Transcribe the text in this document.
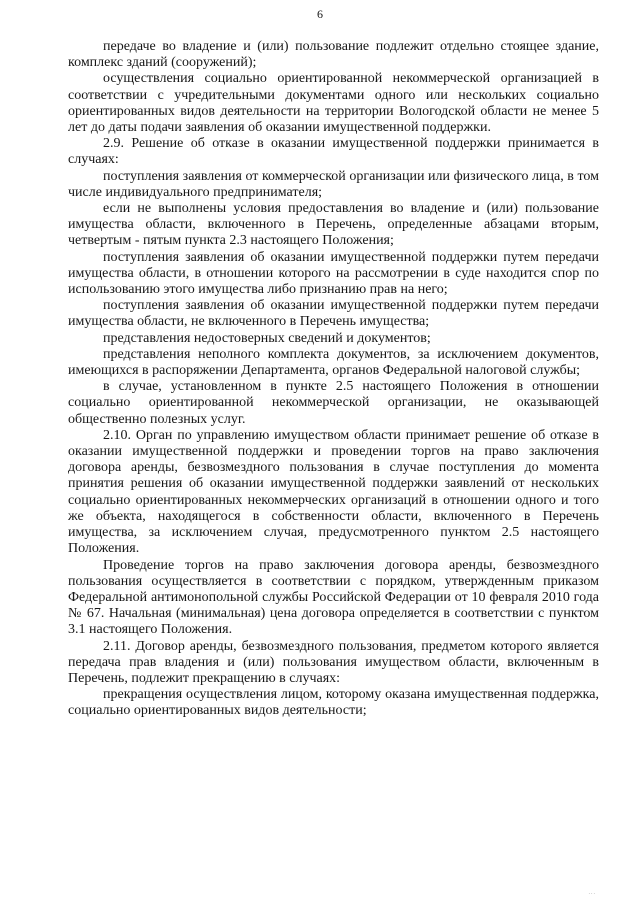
6

передаче во владение и (или) пользование подлежит отдельно стоящее здание, комплекс зданий (сооружений);

осуществления социально ориентированной некоммерческой организацией в соответствии с учредительными документами одного или нескольких социально ориентированных видов деятельности на территории Вологодской области не менее 5 лет до даты подачи заявления об оказании имущественной поддержки.

2.9. Решение об отказе в оказании имущественной поддержки принимается в случаях:

поступления заявления от коммерческой организации или физического лица, в том числе индивидуального предпринимателя;

если не выполнены условия предоставления во владение и (или) пользование имущества области, включенного в Перечень, определенные абзацами вторым, четвертым - пятым пункта 2.3 настоящего Положения;

поступления заявления об оказании имущественной поддержки путем передачи имущества области, в отношении которого на рассмотрении в суде находится спор по использованию этого имущества либо признанию прав на него;

поступления заявления об оказании имущественной поддержки путем передачи имущества области, не включенного в Перечень имущества;

представления недостоверных сведений и документов;

представления неполного комплекта документов, за исключением документов, имеющихся в распоряжении Департамента, органов Федеральной налоговой службы;

в случае, установленном в пункте 2.5 настоящего Положения в отношении социально ориентированной некоммерческой организации, не оказывающей общественно полезных услуг.

2.10. Орган по управлению имуществом области принимает решение об отказе в оказании имущественной поддержки и проведении торгов на право заключения договора аренды, безвозмездного пользования в случае поступления до момента принятия решения об оказании имущественной поддержки заявлений от нескольких социально ориентированных некоммерческих организаций в отношении одного и того же объекта, находящегося в собственности области, включенного в Перечень имущества, за исключением случая, предусмотренного пунктом 2.5 настоящего Положения.

Проведение торгов на право заключения договора аренды, безвозмездного пользования осуществляется в соответствии с порядком, утвержденным приказом Федеральной антимонопольной службы Российской Федерации от 10 февраля 2010 года № 67. Начальная (минимальная) цена договора определяется в соответствии с пунктом 3.1 настоящего Положения.

2.11. Договор аренды, безвозмездного пользования, предметом которого является передача прав владения и (или) пользования имуществом области, включенным в Перечень, подлежит прекращению в случаях:

прекращения осуществления лицом, которому оказана имущественная поддержка, социально ориентированных видов деятельности;

...
